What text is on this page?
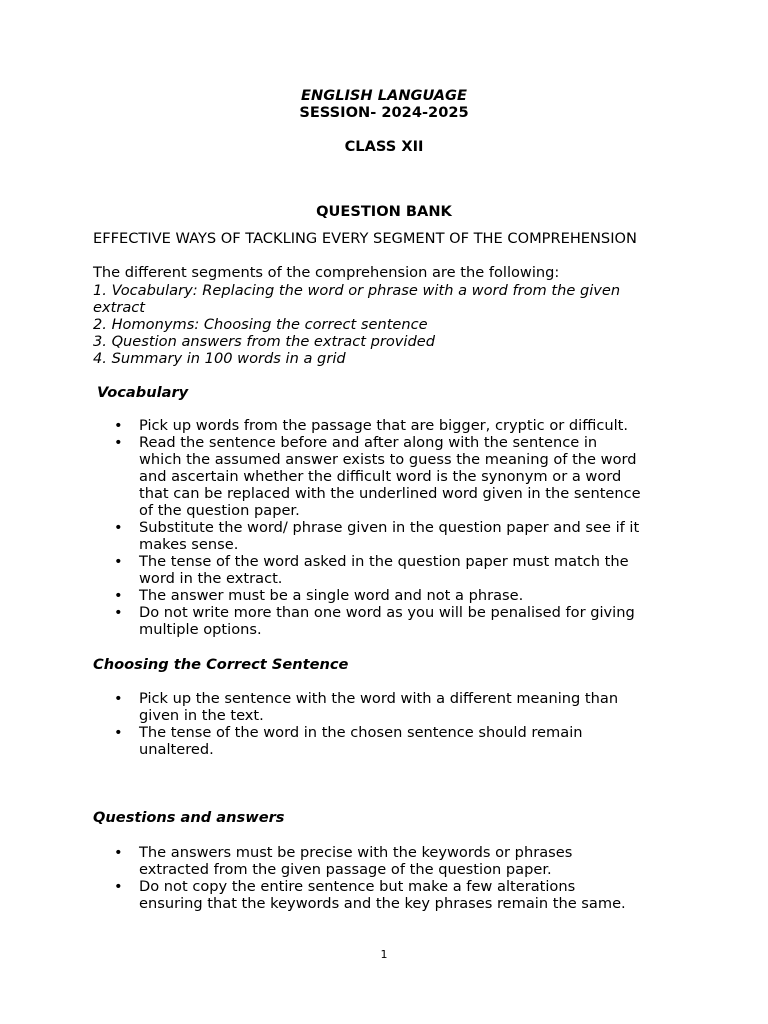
ENGLISH LANGUAGE
SESSION- 2024-2025
CLASS XII
QUESTION BANK
EFFECTIVE WAYS OF TACKLING EVERY SEGMENT OF THE COMPREHENSION
The different segments of the comprehension are the following:
1. Vocabulary: Replacing the word or phrase with a word from the given
extract
2. Homonyms: Choosing the correct sentence
3. Question answers from the extract provided
4. Summary in 100 words in a grid
Vocabulary
• Pick up words from the passage that are bigger, cryptic or difficult.
• Read the sentence before and after along with the sentence in
which the assumed answer exists to guess the meaning of the word
and ascertain whether the difficult word is the synonym or a word
that can be replaced with the underlined word given in the sentence
of the question paper.
• Substitute the word/ phrase given in the question paper and see if it
makes sense.
• The tense of the word asked in the question paper must match the
word in the extract.
• The answer must be a single word and not a phrase.
• Do not write more than one word as you will be penalised for giving
multiple options.
Choosing the Correct Sentence
• Pick up the sentence with the word with a different meaning than
given in the text.
• The tense of the word in the chosen sentence should remain
unaltered.
Questions and answers
• The answers must be precise with the keywords or phrases
extracted from the given passage of the question paper.
• Do not copy the entire sentence but make a few alterations
ensuring that the keywords and the key phrases remain the same.
1
